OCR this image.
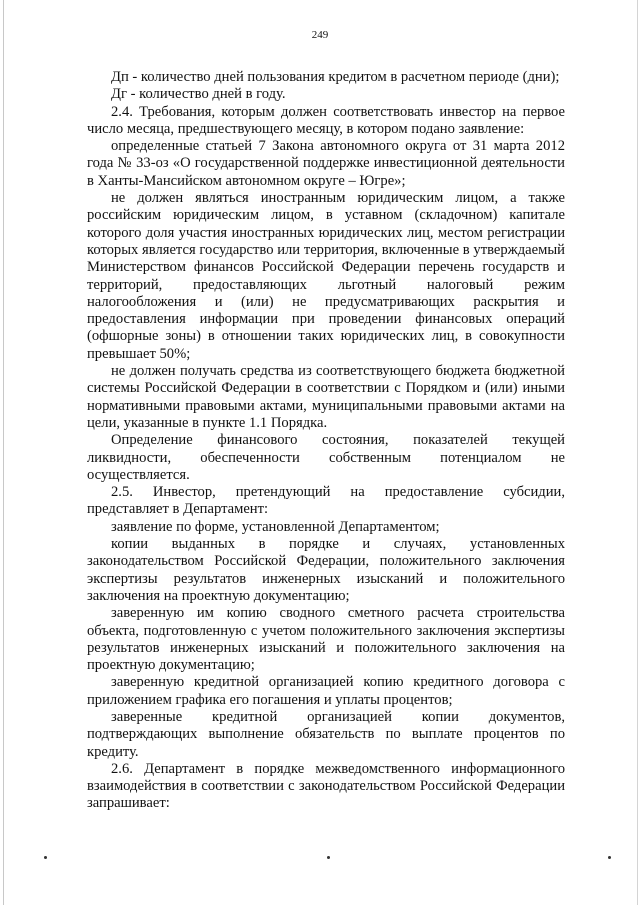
249

Дп - количество дней пользования кредитом в расчетном периоде (дни);

Дг - количество дней в году.

2.4. Требования, которым должен соответствовать инвестор на первое число месяца, предшествующего месяцу, в котором подано заявление:

определенные статьей 7 Закона автономного округа от 31 марта 2012 года № 33-оз «О государственной поддержке инвестиционной деятельности в Ханты-Мансийском автономном округе – Югре»;

не должен являться иностранным юридическим лицом, а также российским юридическим лицом, в уставном (складочном) капитале которого доля участия иностранных юридических лиц, местом регистрации которых является государство или территория, включенные в утверждаемый Министерством финансов Российской Федерации перечень государств и территорий, предоставляющих льготный налоговый режим налогообложения и (или) не предусматривающих раскрытия и предоставления информации при проведении финансовых операций (офшорные зоны) в отношении таких юридических лиц, в совокупности превышает 50%;

не должен получать средства из соответствующего бюджета бюджетной системы Российской Федерации в соответствии с Порядком и (или) иными нормативными правовыми актами, муниципальными правовыми актами на цели, указанные в пункте 1.1 Порядка.

Определение финансового состояния, показателей текущей ликвидности, обеспеченности собственным потенциалом не осуществляется.

2.5. Инвестор, претендующий на предоставление субсидии, представляет в Департамент:

заявление по форме, установленной Департаментом;

копии выданных в порядке и случаях, установленных законодательством Российской Федерации, положительного заключения экспертизы результатов инженерных изысканий и положительного заключения на проектную документацию;

заверенную им копию сводного сметного расчета строительства объекта, подготовленную с учетом положительного заключения экспертизы результатов инженерных изысканий и положительного заключения на проектную документацию;

заверенную кредитной организацией копию кредитного договора с приложением графика его погашения и уплаты процентов;

заверенные кредитной организацией копии документов, подтверждающих выполнение обязательств по выплате процентов по кредиту.

2.6. Департамент в порядке межведомственного информационного взаимодействия в соответствии с законодательством Российской Федерации запрашивает:
